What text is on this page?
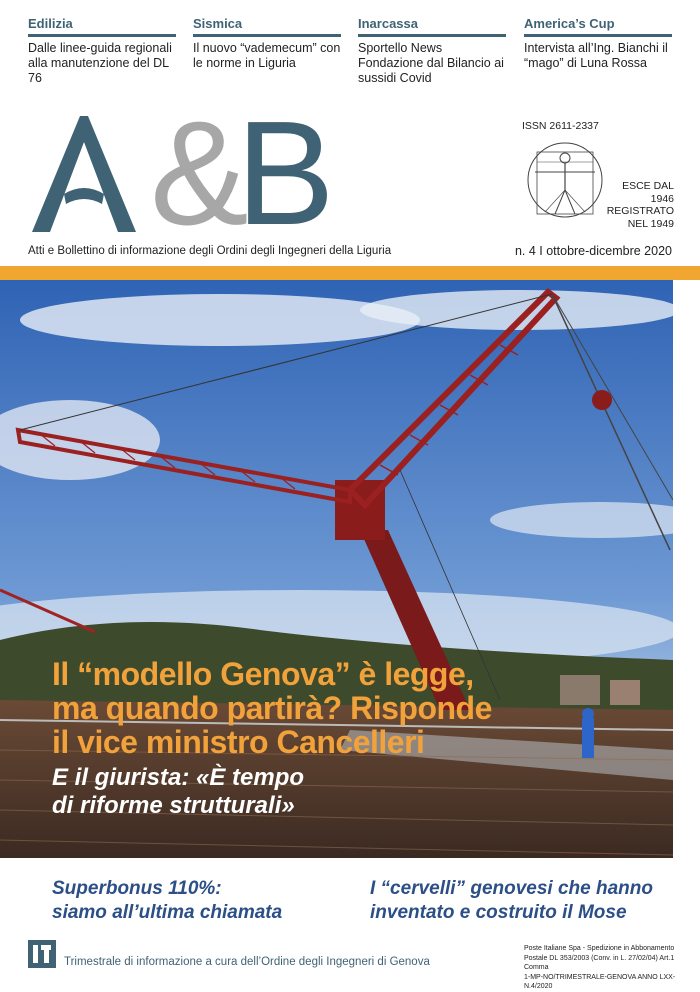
Edilizia
Dalle linee-guida regionali alla manutenzione del DL 76
Sismica
Il nuovo “vademecum” con le norme in Liguria
Inarcassa
Sportello News Fondazione dal Bilancio ai sussidi Covid
America’s Cup
Intervista all’Ing. Bianchi il “mago” di Luna Rossa
&
B	ISSN 2611-2337
ESCE DAL 1946
REGISTRATO
NEL 1949
Atti e Bollettino di informazione degli Ordini degli Ingegneri della Liguria	n. 4 I ottobre-dicembre 2020
Il “modello Genova” è legge,
ma quando partirà? Risponde
il vice ministro Cancelleri
E il giurista: «È tempo
di riforme strutturali»
Superbonus 110%:
siamo all’ultima chiamata
I “cervelli” genovesi che hanno
inventato e costruito il Mose
Trimestrale di informazione a cura dell’Ordine degli Ingegneri di Genova
Poste Italiane Spa - Spedizione in Abbonamento
Postale DL 353/2003 (Conv. in L. 27/02/04) Art.1 Comma
1-MP-NO/TRIMESTRALE-GENOVA ANNO LXX-N.4/2020
